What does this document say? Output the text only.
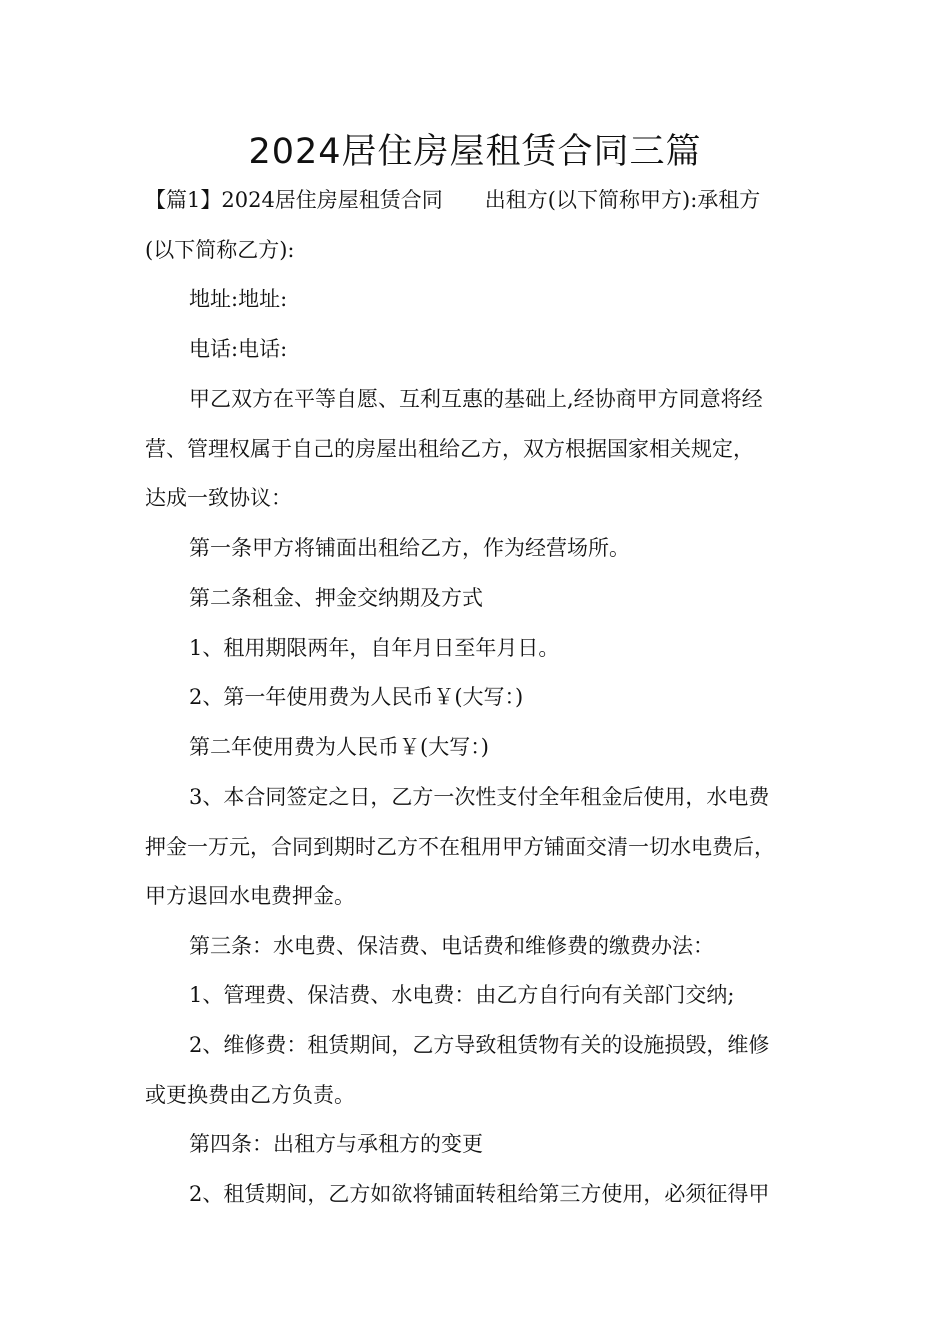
2024居住房屋租赁合同三篇

【篇1】2024居住房屋租赁合同　　出租方(以下简称甲方):承租方
(以下简称乙方):

地址:地址:

电话:电话:

甲乙双方在平等自愿、互利互惠的基础上,经协商甲方同意将经
营、管理权属于自己的房屋出租给乙方，双方根据国家相关规定，
达成一致协议：

第一条甲方将铺面出租给乙方，作为经营场所。

第二条租金、押金交纳期及方式

1、租用期限两年，自年月日至年月日。

2、第一年使用费为人民币￥(大写：)

第二年使用费为人民币￥(大写：)

3、本合同签定之日，乙方一次性支付全年租金后使用，水电费
押金一万元，合同到期时乙方不在租用甲方铺面交清一切水电费后，
甲方退回水电费押金。

第三条：水电费、保洁费、电话费和维修费的缴费办法：

1、管理费、保洁费、水电费：由乙方自行向有关部门交纳;

2、维修费：租赁期间，乙方导致租赁物有关的设施损毁，维修
或更换费由乙方负责。

第四条：出租方与承租方的变更

2、租赁期间，乙方如欲将铺面转租给第三方使用，必须征得甲
